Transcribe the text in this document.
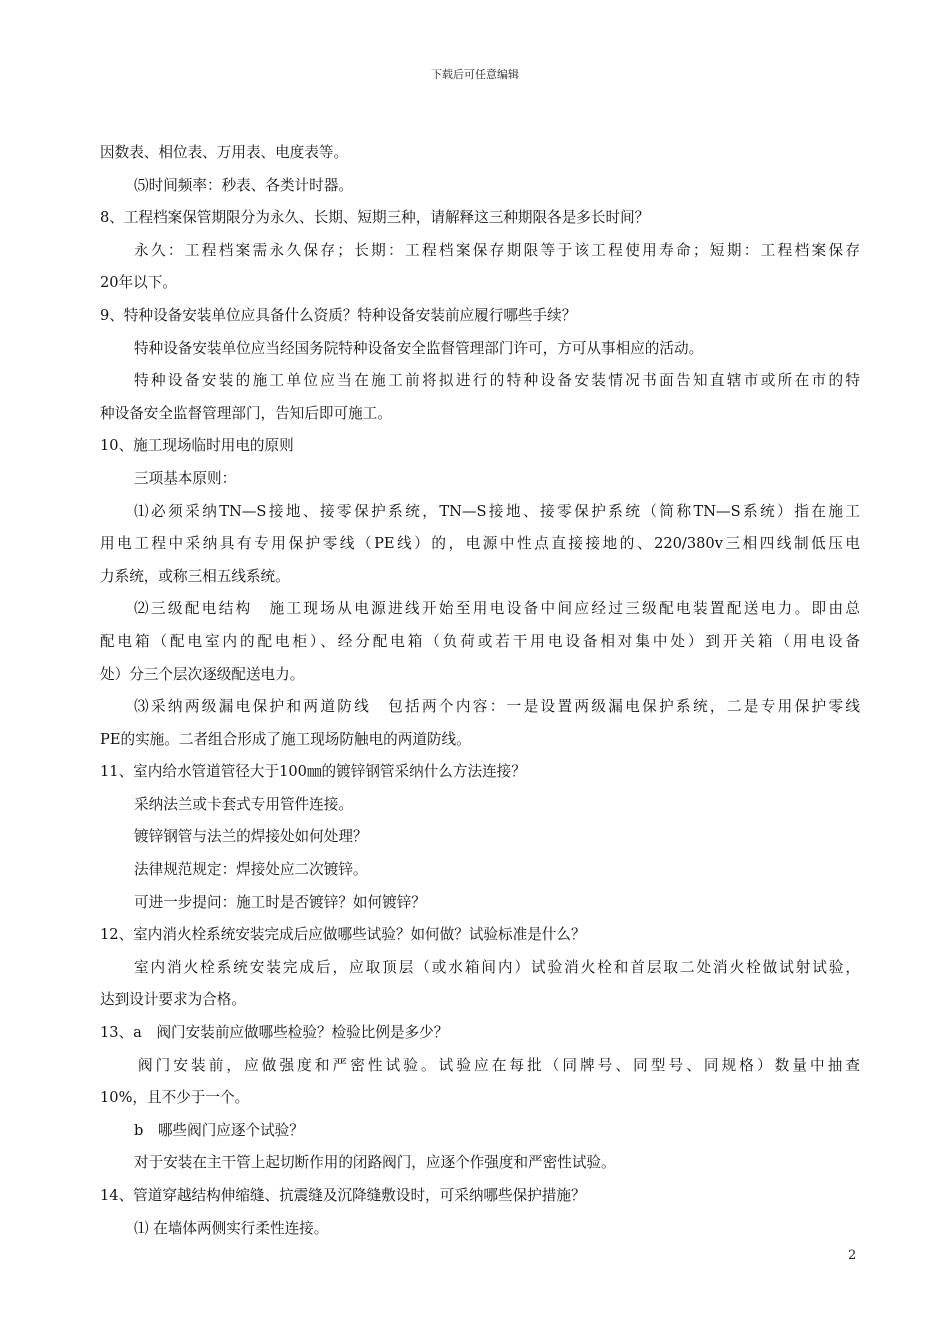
下载后可任意编辑

因数表、相位表、万用表、电度表等。

⑸时间频率：秒表、各类计时器。

8、工程档案保管期限分为永久、长期、短期三种，请解释这三种期限各是多长时间？

永久：工程档案需永久保存；长期：工程档案保存期限等于该工程使用寿命；短期：工程档案保存

20年以下。

9、特种设备安装单位应具备什么资质？特种设备安装前应履行哪些手续？

特种设备安装单位应当经国务院特种设备安全监督管理部门许可，方可从事相应的活动。

特种设备安装的施工单位应当在施工前将拟进行的特种设备安装情况书面告知直辖市或所在市的特

种设备安全监督管理部门，告知后即可施工。

10、施工现场临时用电的原则

三项基本原则：

⑴必须采纳TN—S接地、接零保护系统，TN—S接地、接零保护系统（简称TN—S系统）指在施工

用电工程中采纳具有专用保护零线（PE线）的，电源中性点直接接地的、220/380v三相四线制低压电

力系统，或称三相五线系统。

⑵三级配电结构　施工现场从电源进线开始至用电设备中间应经过三级配电装置配送电力。即由总

配电箱（配电室内的配电柜）、经分配电箱（负荷或若干用电设备相对集中处）到开关箱（用电设备

处）分三个层次逐级配送电力。

⑶采纳两级漏电保护和两道防线　包括两个内容：一是设置两级漏电保护系统，二是专用保护零线

PE的实施。二者组合形成了施工现场防触电的两道防线。

11、室内给水管道管径大于100㎜的镀锌钢管采纳什么方法连接？

采纳法兰或卡套式专用管件连接。

镀锌钢管与法兰的焊接处如何处理？

法律规范规定：焊接处应二次镀锌。

可进一步提问：施工时是否镀锌？如何镀锌？

12、室内消火栓系统安装完成后应做哪些试验？如何做？试验标准是什么？

室内消火栓系统安装完成后，应取顶层（或水箱间内）试验消火栓和首层取二处消火栓做试射试验，

达到设计要求为合格。

13、a　阀门安装前应做哪些检验？检验比例是多少？

阀门安装前，应做强度和严密性试验。试验应在每批（同牌号、同型号、同规格）数量中抽查

10%，且不少于一个。

b　哪些阀门应逐个试验？

对于安装在主干管上起切断作用的闭路阀门，应逐个作强度和严密性试验。

14、管道穿越结构伸缩缝、抗震缝及沉降缝敷设时，可采纳哪些保护措施？

⑴ 在墙体两侧实行柔性连接。

2
